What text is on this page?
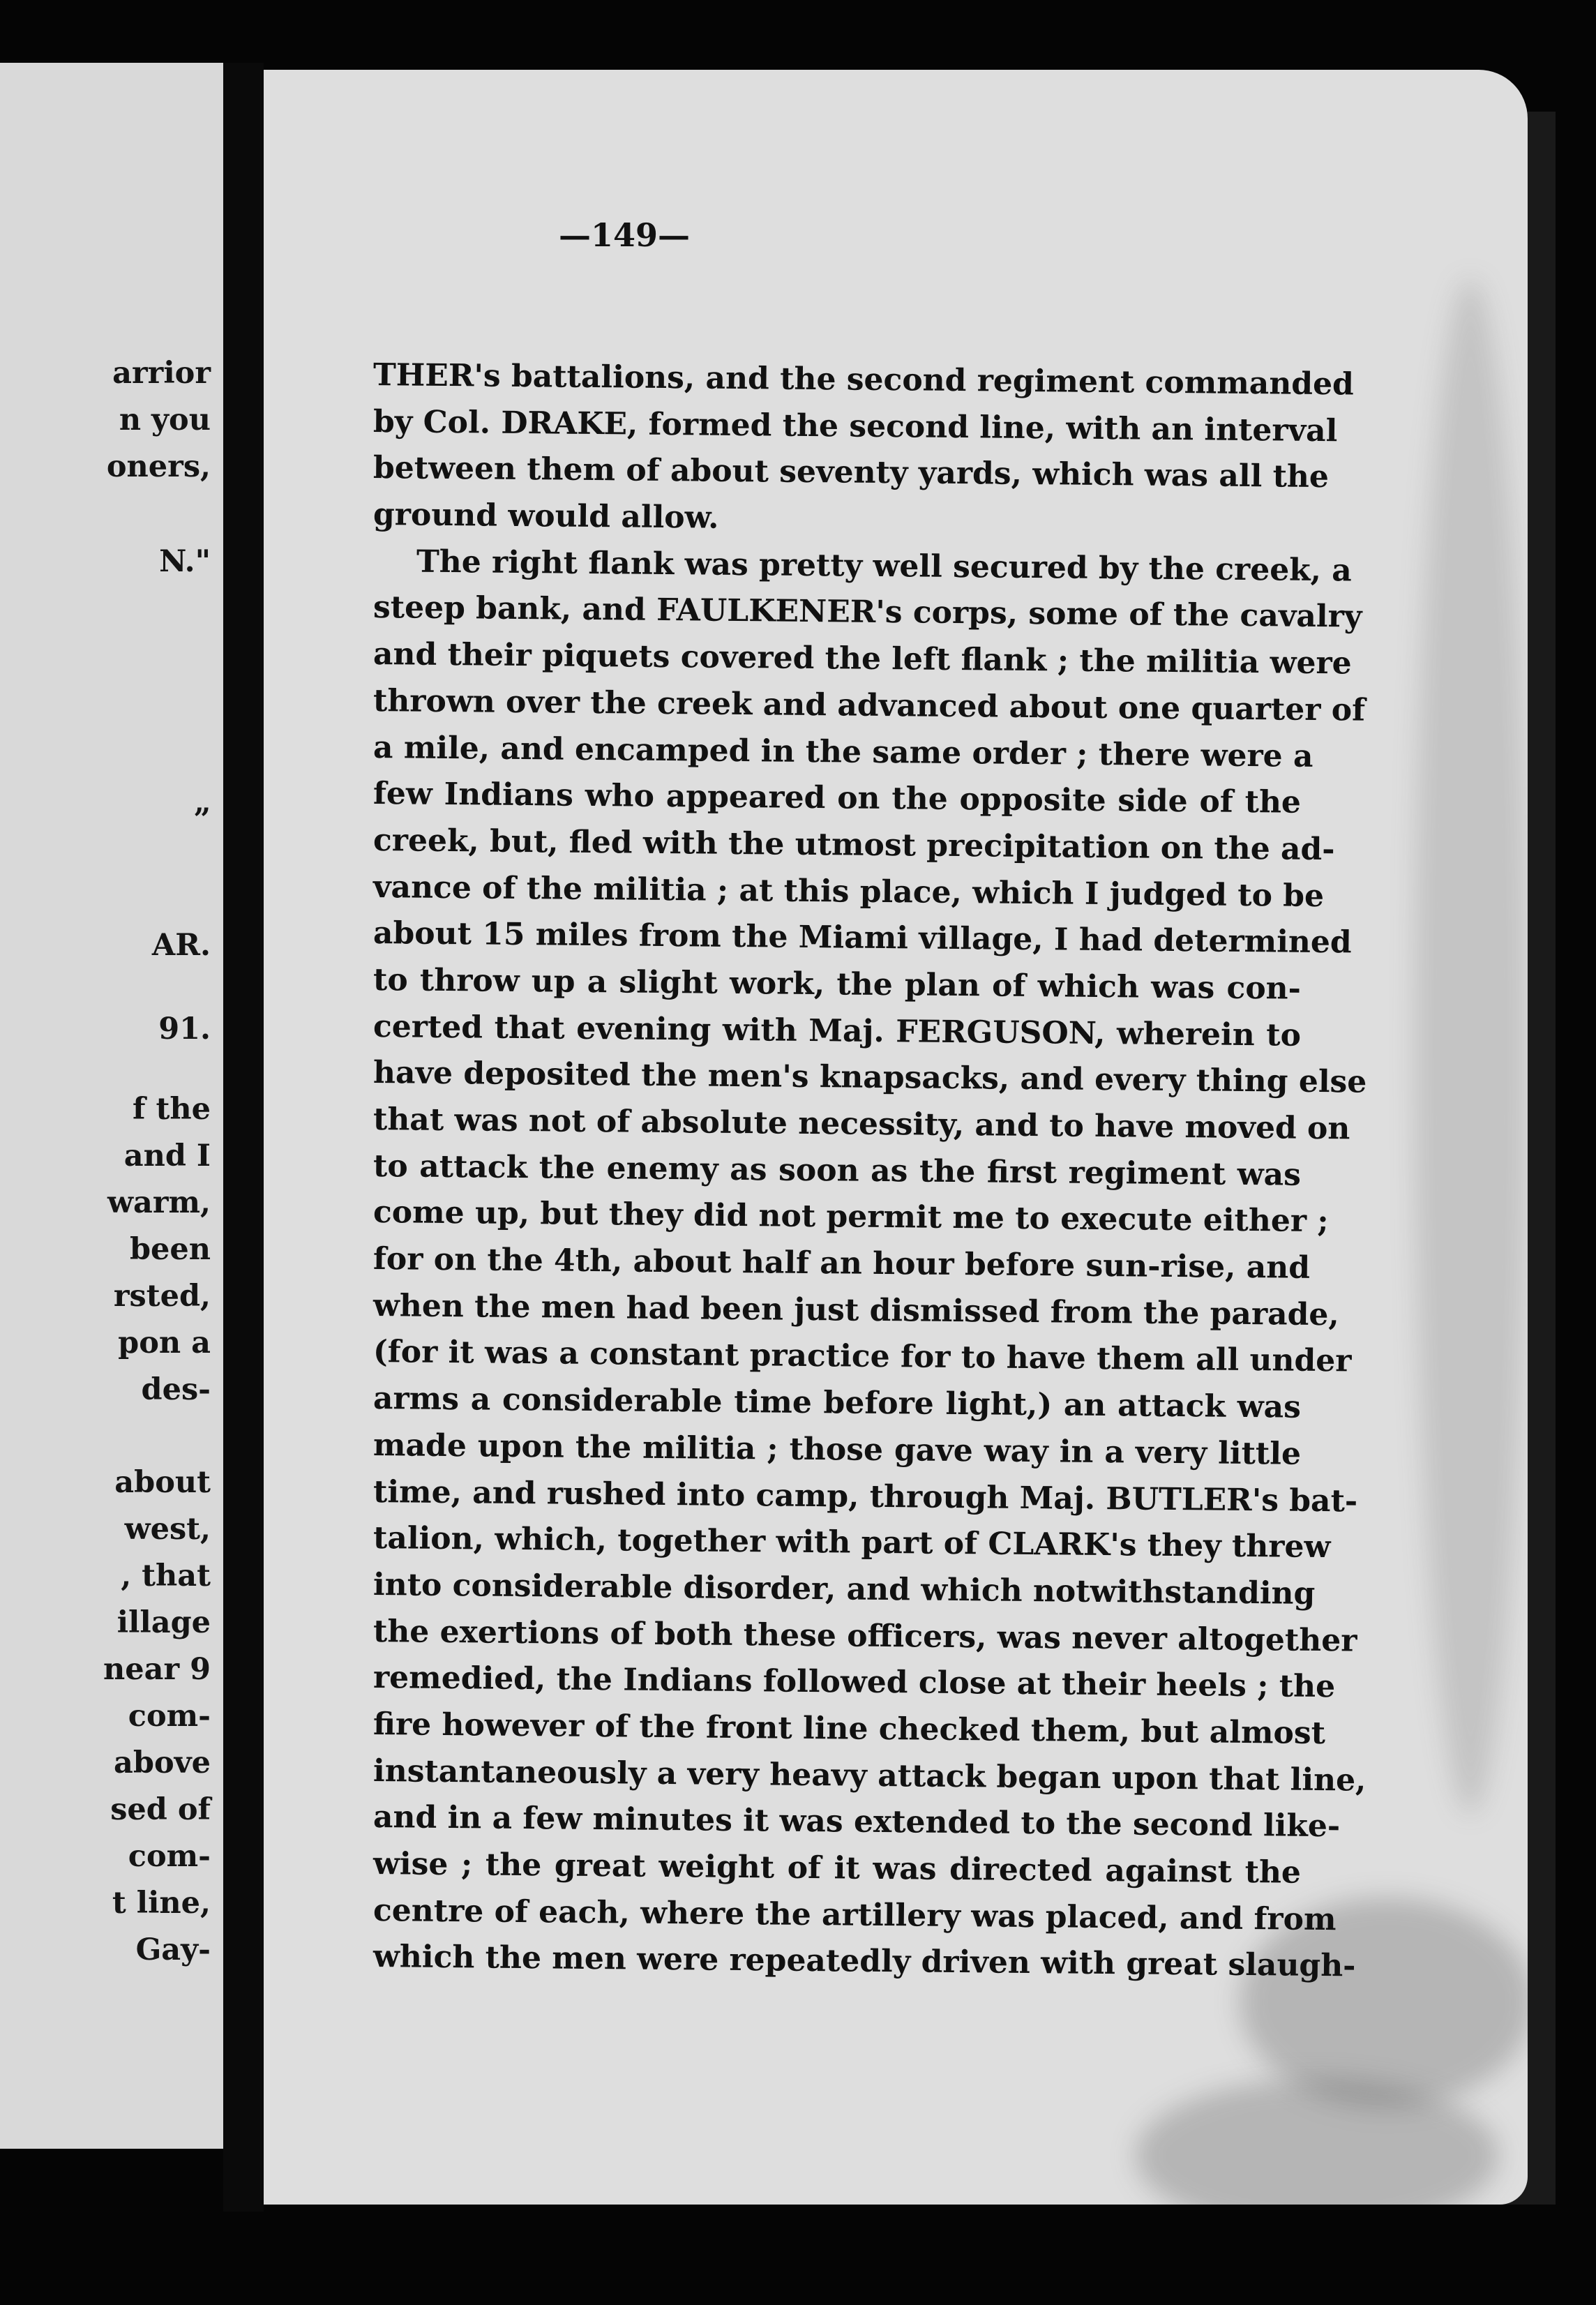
arrior
n you
oners,
N."
”
AR.
91.
f the
and I
warm,
been
rsted,
pon a
des-
about
west,
, that
illage
near 9
com-
above
sed of
com-
t line,
Gay-
—149—
THER's battalions, and the second regiment commanded
by Col. DRAKE, formed the second line, with an interval
between them of about seventy yards, which was all the
ground would allow.
The right flank was pretty well secured by the creek, a
steep bank, and FAULKENER's corps, some of the cavalry
and their piquets covered the left flank ; the militia were
thrown over the creek and advanced about one quarter of
a mile, and encamped in the same order ; there were a
few Indians who appeared on the opposite side of the
creek, but, fled with the utmost precipitation on the ad-
vance of the militia ; at this place, which I judged to be
about 15 miles from the Miami village, I had determined
to throw up a slight work, the plan of which was con-
certed that evening with Maj. FERGUSON, wherein to
have deposited the men's knapsacks, and every thing else
that was not of absolute necessity, and to have moved on
to attack the enemy as soon as the first regiment was
come up, but they did not permit me to execute either ;
for on the 4th, about half an hour before sun-rise, and
when the men had been just dismissed from the parade,
(for it was a constant practice for to have them all under
arms a considerable time before light,) an attack was
made upon the militia ; those gave way in a very little
time, and rushed into camp, through Maj. BUTLER's bat-
talion, which, together with part of CLARK's they threw
into considerable disorder, and which notwithstanding
the exertions of both these officers, was never altogether
remedied, the Indians followed close at their heels ; the
fire however of the front line checked them, but almost
instantaneously a very heavy attack began upon that line,
and in a few minutes it was extended to the second like-
wise ; the great weight of it was directed against the
centre of each, where the artillery was placed, and from
which the men were repeatedly driven with great slaugh-
